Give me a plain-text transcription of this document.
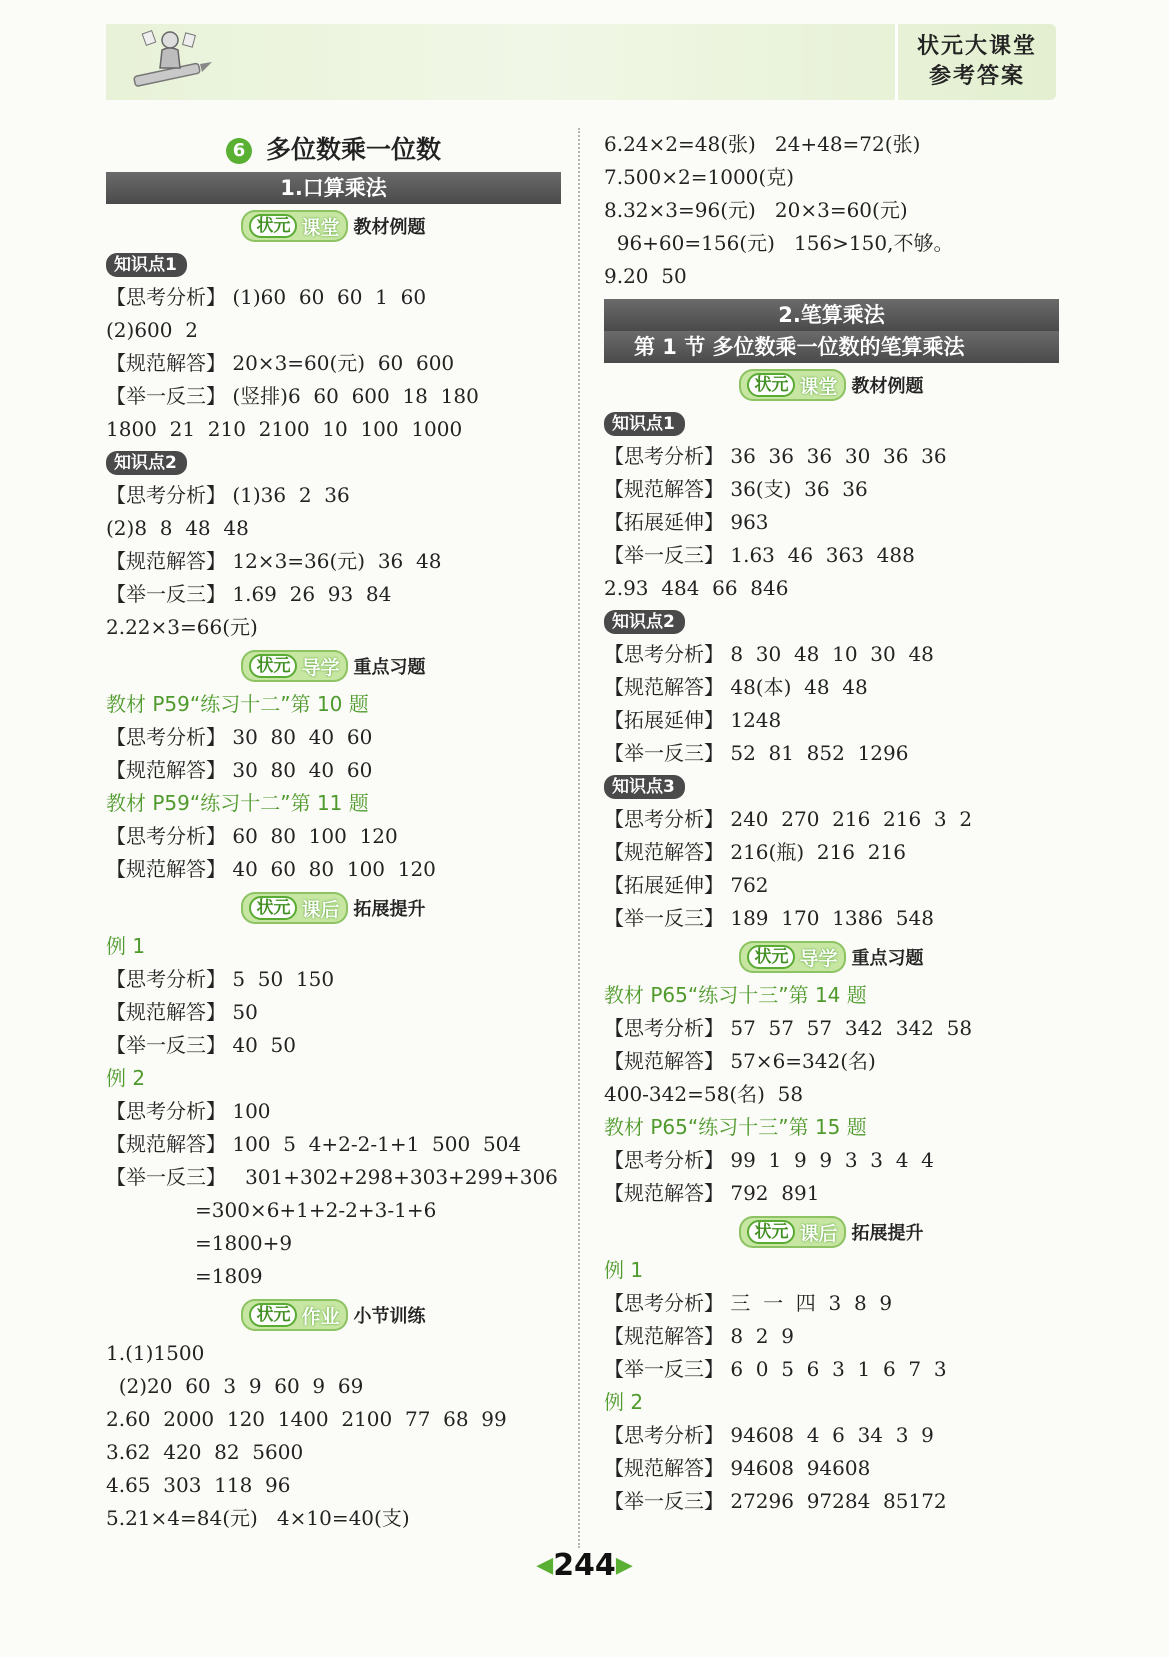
状元大课堂
参考答案
6 多位数乘一位数
1.口算乘法
状元 课堂 教材例题
知识点1
【思考分析】 (1)60  60  60  1  60
(2)600  2
【规范解答】 20×3=60(元)  60  600
【举一反三】 (竖排)6  60  600  18  180
1800  21  210  2100  10  100  1000
知识点2
【思考分析】 (1)36  2  36
(2)8  8  48  48
【规范解答】 12×3=36(元)  36  48
【举一反三】 1.69  26  93  84
2.22×3=66(元)
状元 导学 重点习题
教材 P59“练习十二”第 10 题
【思考分析】 30  80  40  60
【规范解答】 30  80  40  60
教材 P59“练习十二”第 11 题
【思考分析】 60  80  100  120
【规范解答】 40  60  80  100  120
状元 课后 拓展提升
例 1
【思考分析】 5  50  150
【规范解答】 50
【举一反三】 40  50
例 2
【思考分析】 100
【规范解答】 100  5  4+2-2-1+1  500  504
【举一反三】   301+302+298+303+299+306
=300×6+1+2-2+3-1+6
=1800+9
=1809
状元 作业 小节训练
1.(1)1500
(2)20  60  3  9  60  9  69
2.60  2000  120  1400  2100  77  68  99
3.62  420  82  5600
4.65  303  118  96
5.21×4=84(元)   4×10=40(支)
6.24×2=48(张)   24+48=72(张)
7.500×2=1000(克)
8.32×3=96(元)   20×3=60(元)
96+60=156(元)   156>150,不够。
9.20  50
2.笔算乘法
第 1 节 多位数乘一位数的笔算乘法
状元 课堂 教材例题
知识点1
【思考分析】 36  36  36  30  36  36
【规范解答】 36(支)  36  36
【拓展延伸】 963
【举一反三】 1.63  46  363  488
2.93  484  66  846
知识点2
【思考分析】 8  30  48  10  30  48
【规范解答】 48(本)  48  48
【拓展延伸】 1248
【举一反三】 52  81  852  1296
知识点3
【思考分析】 240  270  216  216  3  2
【规范解答】 216(瓶)  216  216
【拓展延伸】 762
【举一反三】 189  170  1386  548
状元 导学 重点习题
教材 P65“练习十三”第 14 题
【思考分析】 57  57  57  342  342  58
【规范解答】 57×6=342(名)
400-342=58(名)  58
教材 P65“练习十三”第 15 题
【思考分析】 99  1  9  9  3  3  4  4
【规范解答】 792  891
状元 课后 拓展提升
例 1
【思考分析】 三  一  四  3  8  9
【规范解答】 8  2  9
【举一反三】 6  0  5  6  3  1  6  7  3
例 2
【思考分析】 94608  4  6  34  3  9
【规范解答】 94608  94608
【举一反三】 27296  97284  85172
◀244▶
